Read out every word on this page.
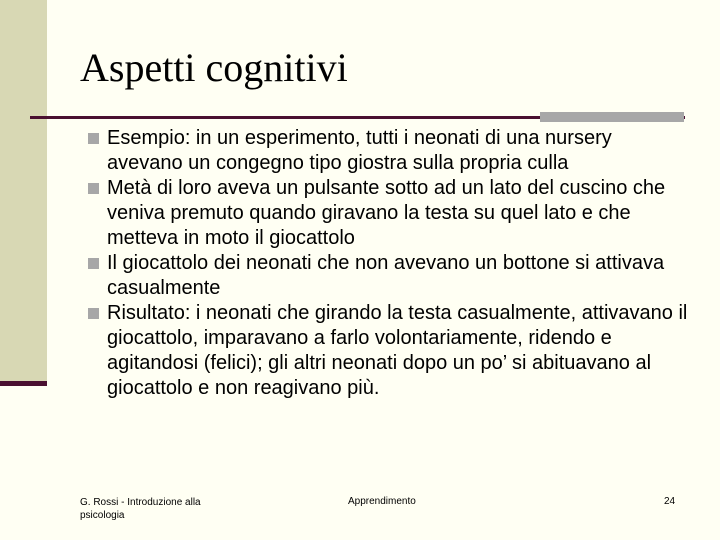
Aspetti cognitivi
Esempio: in un esperimento, tutti i neonati di una nursery avevano un congegno tipo giostra sulla propria culla
Metà di loro aveva un pulsante sotto ad un lato del cuscino che veniva premuto quando giravano la testa su quel lato e che metteva in moto il giocattolo
Il giocattolo dei neonati che non avevano un bottone si attivava casualmente
Risultato: i neonati che girando la testa casualmente, attivavano il giocattolo, imparavano a farlo volontariamente, ridendo e agitandosi (felici); gli altri neonati dopo un po’ si abituavano al giocattolo e non reagivano più.
G. Rossi - Introduzione alla psicologia
Apprendimento	24
